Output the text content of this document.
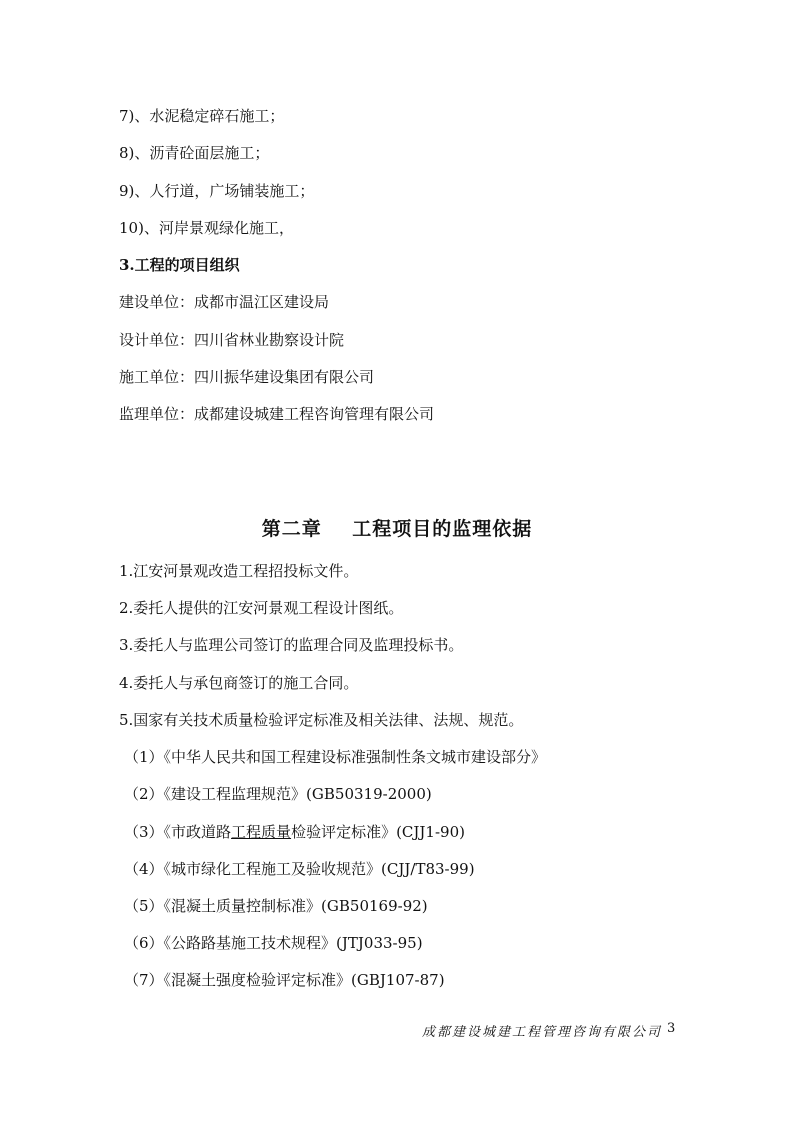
7)、水泥稳定碎石施工；
8)、沥青砼面层施工；
9)、人行道，广场铺装施工；
10)、河岸景观绿化施工，
3.工程的项目组织
建设单位：成都市温江区建设局
设计单位：四川省林业勘察设计院
施工单位：四川振华建设集团有限公司
监理单位：成都建设城建工程咨询管理有限公司
第二章    工程项目的监理依据
1.江安河景观改造工程招投标文件。
2.委托人提供的江安河景观工程设计图纸。
3.委托人与监理公司签订的监理合同及监理投标书。
4.委托人与承包商签订的施工合同。
5.国家有关技术质量检验评定标准及相关法律、法规、规范。
（1）《中华人民共和国工程建设标准强制性条文城市建设部分》
（2）《建设工程监理规范》(GB50319-2000)
（3）《市政道路工程质量检验评定标准》(CJJ1-90)
（4）《城市绿化工程施工及验收规范》(CJJ/T83-99)
（5）《混凝土质量控制标准》(GB50169-92)
（6）《公路路基施工技术规程》(JTJ033-95)
（7）《混凝土强度检验评定标准》(GBJ107-87)
成都建设城建工程管理咨询有限公司 3
